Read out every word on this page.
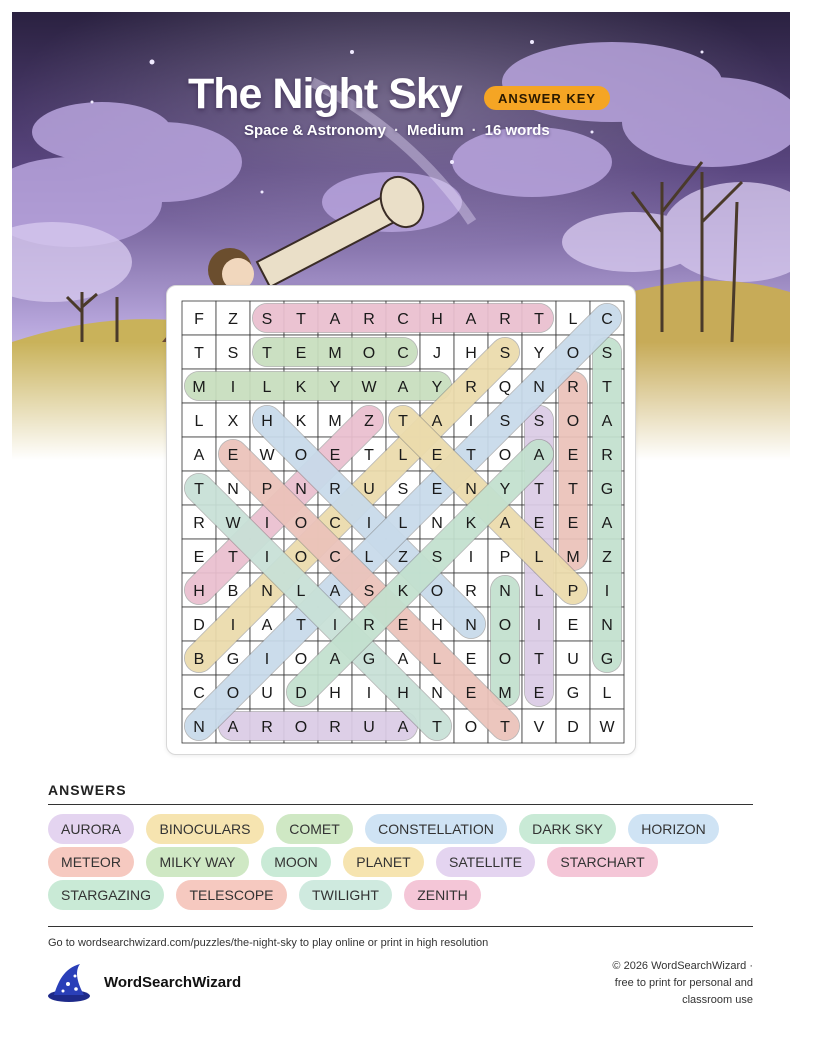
The Night Sky	ANSWER KEY
Space & Astronomy · Medium · 16 words
F Z S T A R C H A R T L C
T S T E M O C J H S Y O S
M I L K Y W A Y R Q N R T
L X H K M Z T A I S S O A
A E W O E T L E T O A E R
T N P N R U S E N Y T T G
R W I O C I L N K A E E A
E T I O C L Z S I P L M Z
H B N L A S K O R N L P I
D I A T I R E H N O I E N
B G I O A G A L E O T U G
C O U D H I H N E M E G L
N A R O R U A T O T V D W
ANSWERS
AURORA	BINOCULARS	COMET	CONSTELLATION	DARK SKY	HORIZON
METEOR	MILKY WAY	MOON	PLANET	SATELLITE	STARCHART
STARGAZING	TELESCOPE	TWILIGHT	ZENITH
Go to wordsearchwizard.com/puzzles/the-night-sky to play online or print in high resolution
WordSearchWizard
© 2026 WordSearchWizard ·
free to print for personal and
classroom use
